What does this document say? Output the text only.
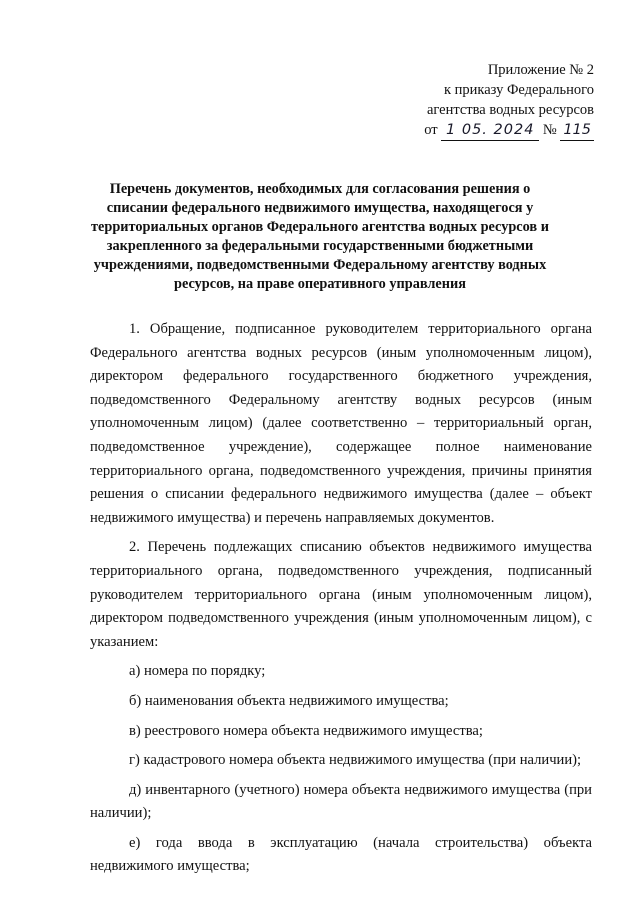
Приложение № 2
к приказу Федерального
агентства водных ресурсов
от 1 05. 2024 № 115
Перечень документов, необходимых для согласования решения о списании федерального недвижимого имущества, находящегося у территориальных органов Федерального агентства водных ресурсов и закрепленного за федеральными государственными бюджетными учреждениями, подведомственными Федеральному агентству водных ресурсов, на праве оперативного управления

1. Обращение, подписанное руководителем территориального органа Федерального агентства водных ресурсов (иным уполномоченным лицом), директором федерального государственного бюджетного учреждения, подведомственного Федеральному агентству водных ресурсов (иным уполномоченным лицом) (далее соответственно – территориальный орган, подведомственное учреждение), содержащее полное наименование территориального органа, подведомственного учреждения, причины принятия решения о списании федерального недвижимого имущества (далее – объект недвижимого имущества) и перечень направляемых документов.

2. Перечень подлежащих списанию объектов недвижимого имущества территориального органа, подведомственного учреждения, подписанный руководителем территориального органа (иным уполномоченным лицом), директором подведомственного учреждения (иным уполномоченным лицом), с указанием:

а) номера по порядку;

б) наименования объекта недвижимого имущества;

в) реестрового номера объекта недвижимого имущества;

г) кадастрового номера объекта недвижимого имущества (при наличии);

д) инвентарного (учетного) номера объекта недвижимого имущества (при наличии);

е) года ввода в эксплуатацию (начала строительства) объекта недвижимого имущества;
